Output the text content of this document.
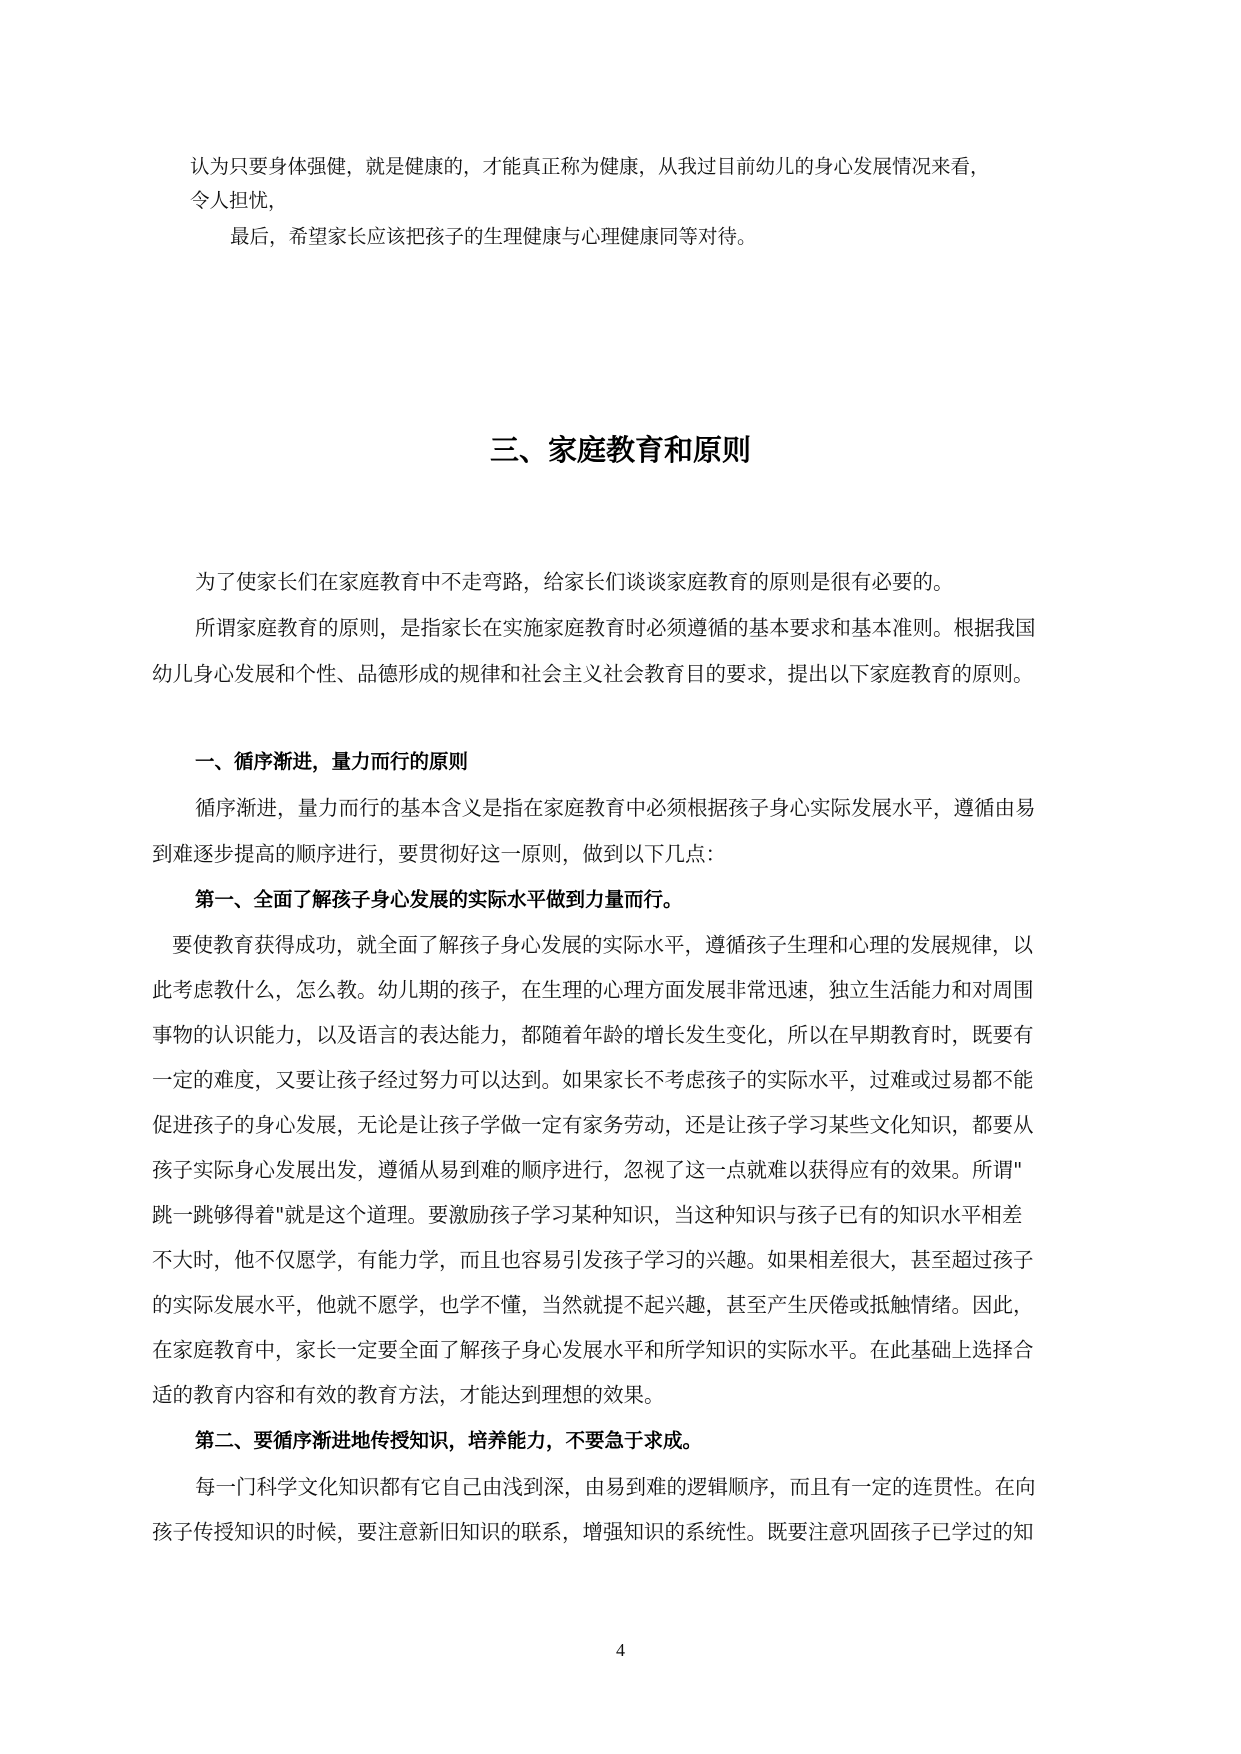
认为只要身体强健，就是健康的，才能真正称为健康，从我过目前幼儿的身心发展情况来看，

令人担忧，

最后，希望家长应该把孩子的生理健康与心理健康同等对待。

三、家庭教育和原则

为了使家长们在家庭教育中不走弯路，给家长们谈谈家庭教育的原则是很有必要的。

所谓家庭教育的原则，是指家长在实施家庭教育时必须遵循的基本要求和基本准则。根据我国

幼儿身心发展和个性、品德形成的规律和社会主义社会教育目的要求，提出以下家庭教育的原则。

一、循序渐进，量力而行的原则

循序渐进，量力而行的基本含义是指在家庭教育中必须根据孩子身心实际发展水平，遵循由易

到难逐步提高的顺序进行，要贯彻好这一原则，做到以下几点：

第一、全面了解孩子身心发展的实际水平做到力量而行。

要使教育获得成功，就全面了解孩子身心发展的实际水平，遵循孩子生理和心理的发展规律，以

此考虑教什么，怎么教。幼儿期的孩子，在生理的心理方面发展非常迅速，独立生活能力和对周围

事物的认识能力，以及语言的表达能力，都随着年龄的增长发生变化，所以在早期教育时，既要有

一定的难度，又要让孩子经过努力可以达到。如果家长不考虑孩子的实际水平，过难或过易都不能

促进孩子的身心发展，无论是让孩子学做一定有家务劳动，还是让孩子学习某些文化知识，都要从

孩子实际身心发展出发，遵循从易到难的顺序进行，忽视了这一点就难以获得应有的效果。所谓"

跳一跳够得着"就是这个道理。要激励孩子学习某种知识，当这种知识与孩子已有的知识水平相差

不大时，他不仅愿学，有能力学，而且也容易引发孩子学习的兴趣。如果相差很大，甚至超过孩子

的实际发展水平，他就不愿学，也学不懂，当然就提不起兴趣，甚至产生厌倦或抵触情绪。因此，

在家庭教育中，家长一定要全面了解孩子身心发展水平和所学知识的实际水平。在此基础上选择合

适的教育内容和有效的教育方法，才能达到理想的效果。

第二、要循序渐进地传授知识，培养能力，不要急于求成。

每一门科学文化知识都有它自己由浅到深，由易到难的逻辑顺序，而且有一定的连贯性。在向

孩子传授知识的时候，要注意新旧知识的联系，增强知识的系统性。既要注意巩固孩子已学过的知

4
